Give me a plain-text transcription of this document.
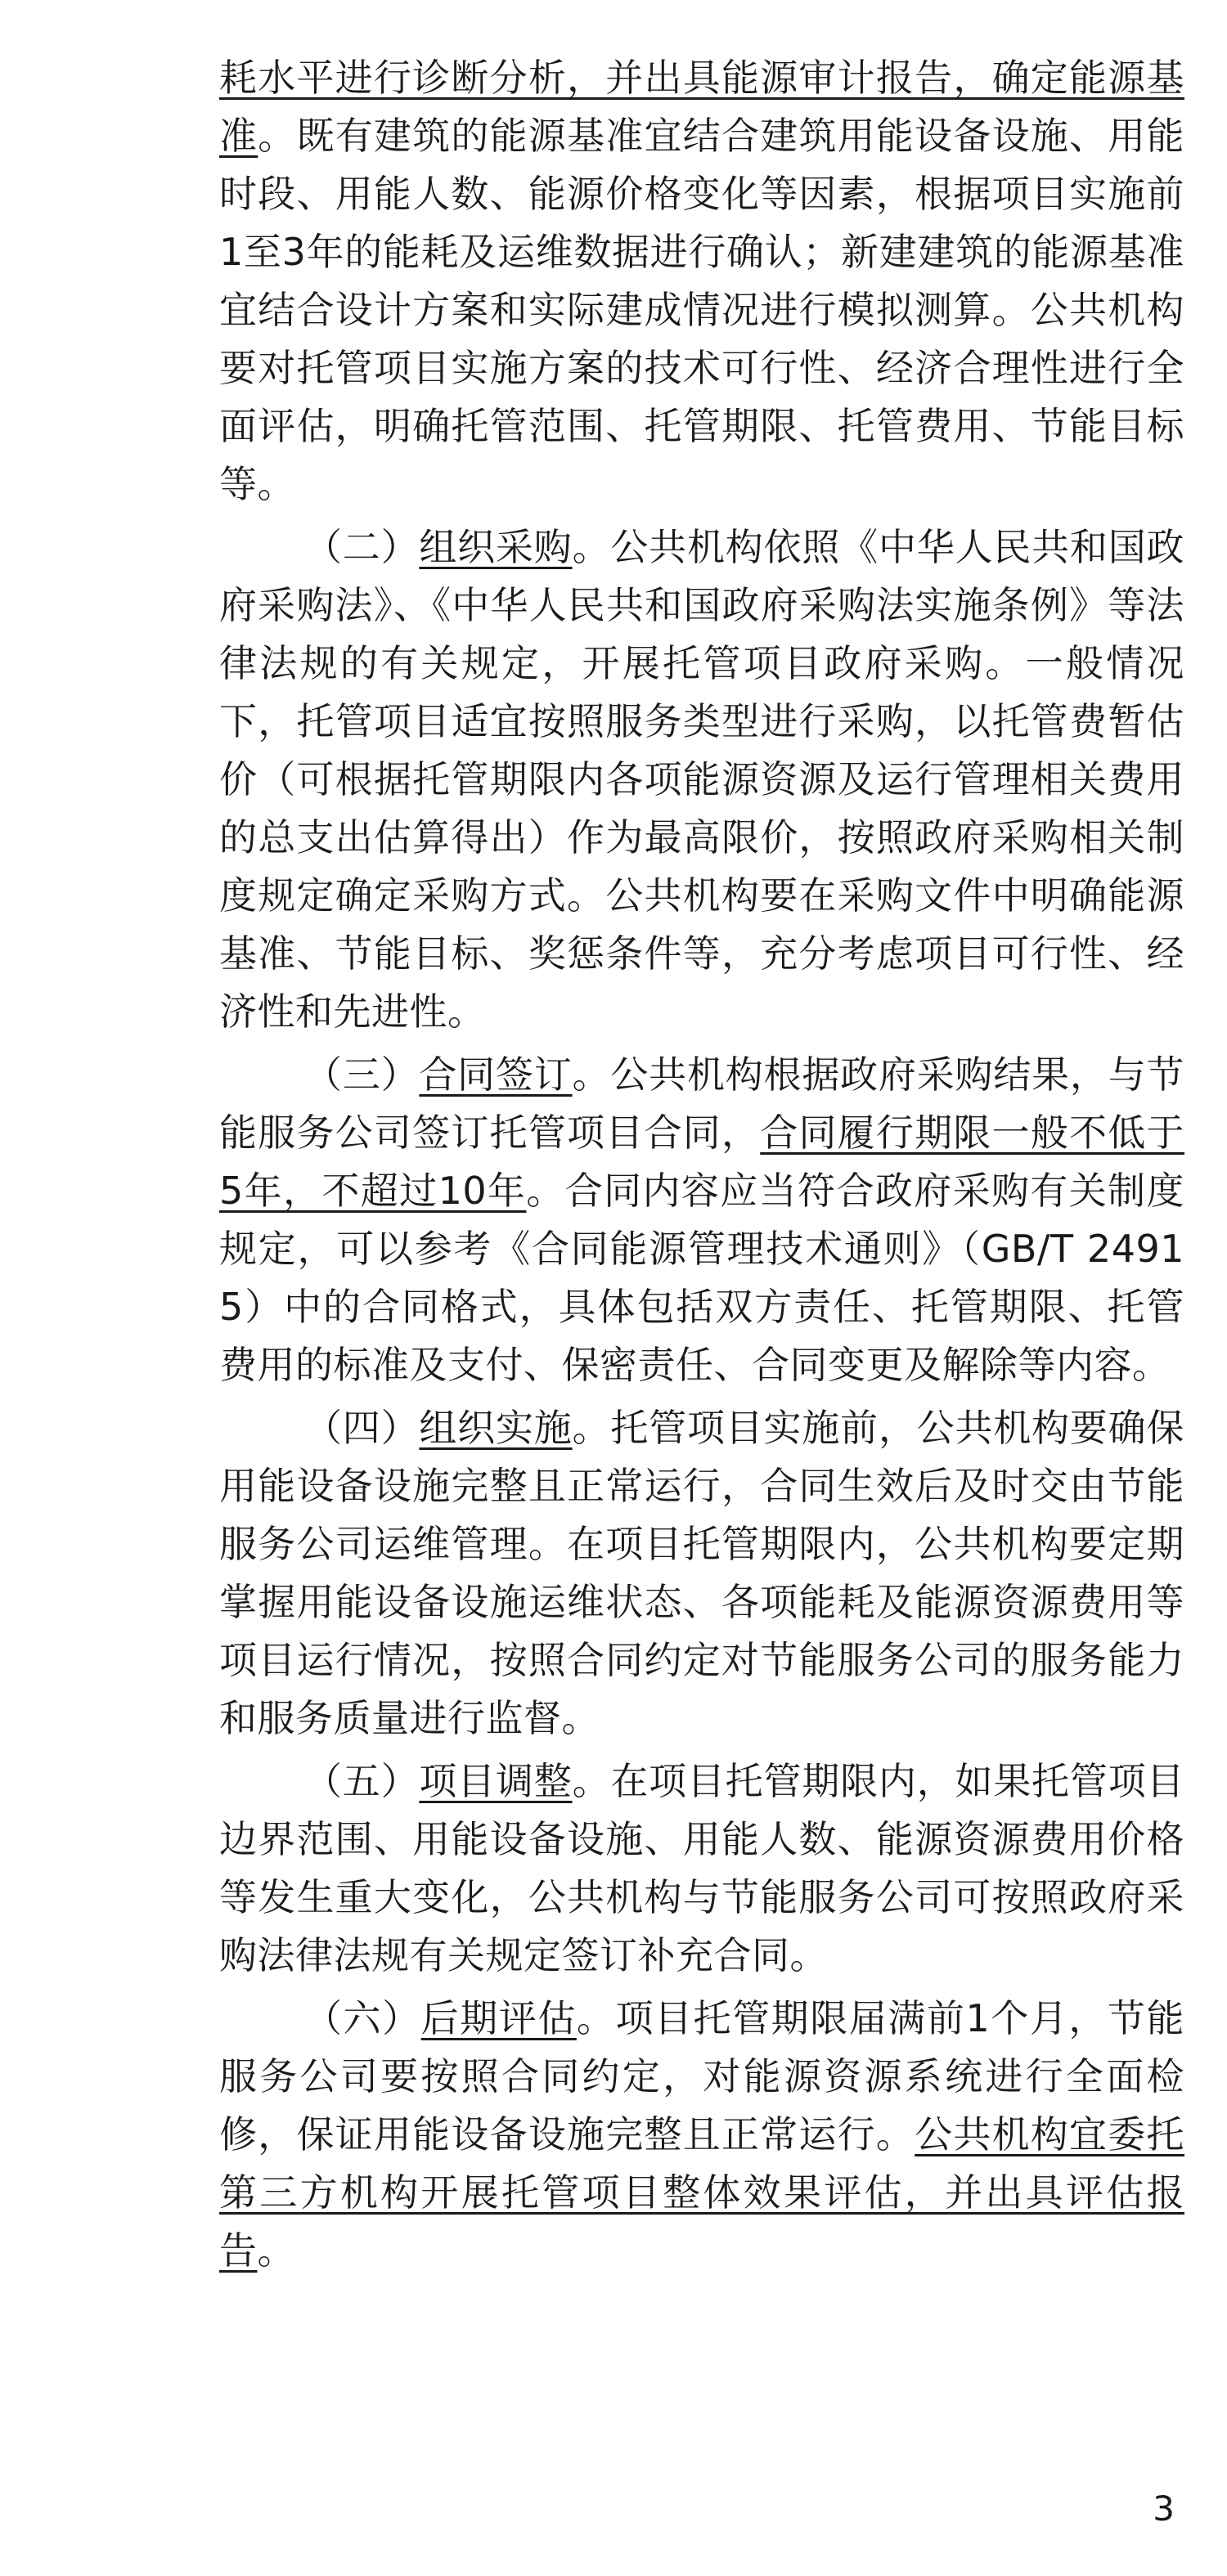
耗水平进行诊断分析，并出具能源审计报告，确定能源基准。既有建筑的能源基准宜结合建筑用能设备设施、用能时段、用能人数、能源价格变化等因素，根据项目实施前1至3年的能耗及运维数据进行确认；新建建筑的能源基准宜结合设计方案和实际建成情况进行模拟测算。公共机构要对托管项目实施方案的技术可行性、经济合理性进行全面评估，明确托管范围、托管期限、托管费用、节能目标等。

（二）组织采购。公共机构依照《中华人民共和国政府采购法》、《中华人民共和国政府采购法实施条例》等法律法规的有关规定，开展托管项目政府采购。一般情况下，托管项目适宜按照服务类型进行采购，以托管费暂估价（可根据托管期限内各项能源资源及运行管理相关费用的总支出估算得出）作为最高限价，按照政府采购相关制度规定确定采购方式。公共机构要在采购文件中明确能源基准、节能目标、奖惩条件等，充分考虑项目可行性、经济性和先进性。

（三）合同签订。公共机构根据政府采购结果，与节能服务公司签订托管项目合同，合同履行期限一般不低于5年，不超过10年。合同内容应当符合政府采购有关制度规定，可以参考《合同能源管理技术通则》（GB/T 24915）中的合同格式，具体包括双方责任、托管期限、托管费用的标准及支付、保密责任、合同变更及解除等内容。

（四）组织实施。托管项目实施前，公共机构要确保用能设备设施完整且正常运行，合同生效后及时交由节能服务公司运维管理。在项目托管期限内，公共机构要定期掌握用能设备设施运维状态、各项能耗及能源资源费用等项目运行情况，按照合同约定对节能服务公司的服务能力和服务质量进行监督。

（五）项目调整。在项目托管期限内，如果托管项目边界范围、用能设备设施、用能人数、能源资源费用价格等发生重大变化，公共机构与节能服务公司可按照政府采购法律法规有关规定签订补充合同。

（六）后期评估。项目托管期限届满前1个月，节能服务公司要按照合同约定，对能源资源系统进行全面检修，保证用能设备设施完整且正常运行。公共机构宜委托第三方机构开展托管项目整体效果评估，并出具评估报告。

3
